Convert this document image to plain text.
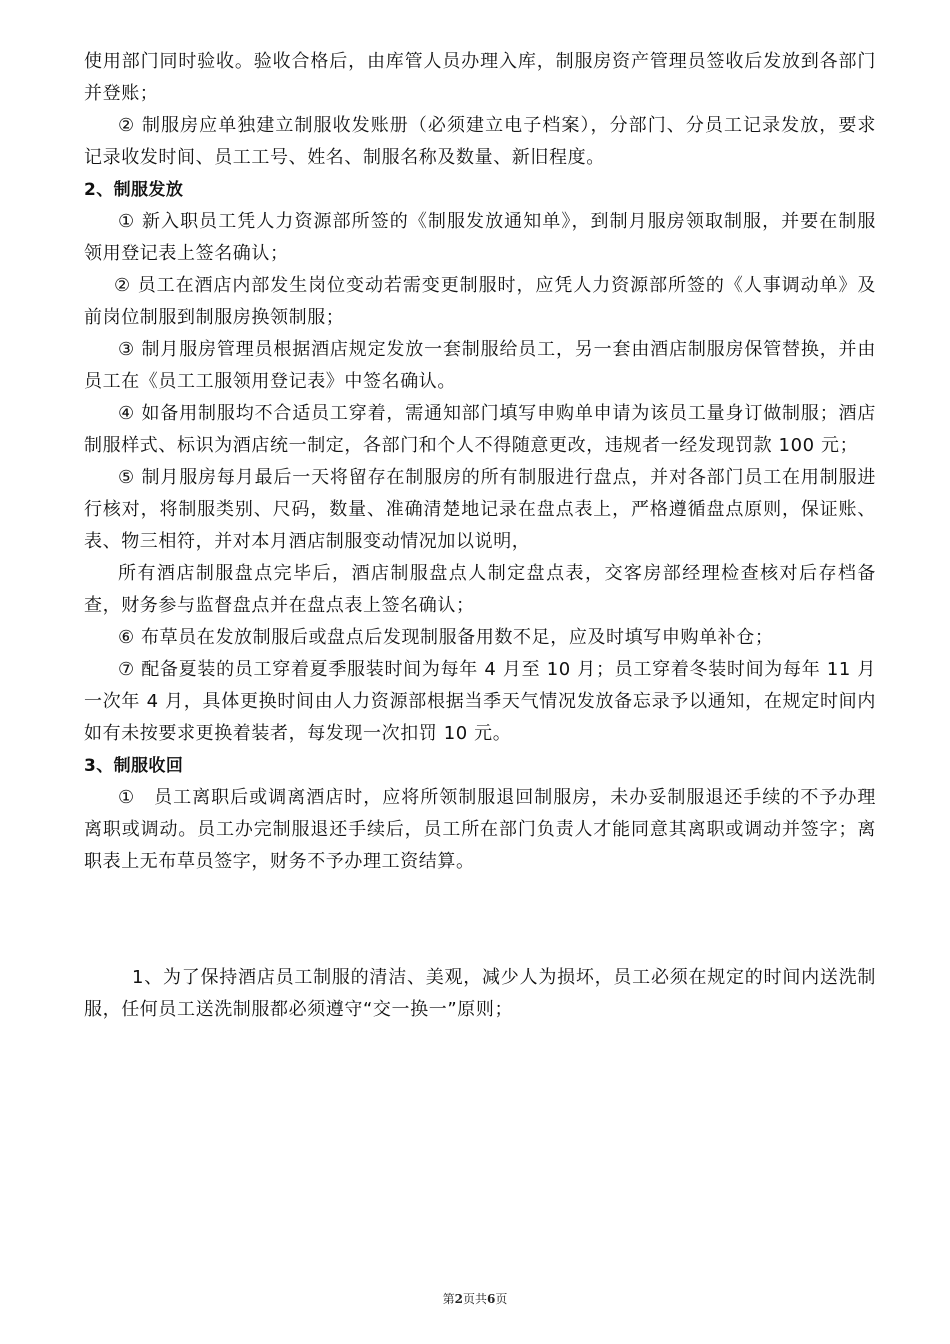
使用部门同时验收。验收合格后，由库管人员办理入库，制服房资产管理员签收后发放到各部门并登账；

② 制服房应单独建立制服收发账册（必须建立电子档案），分部门、分员工记录发放，要求记录收发时间、员工工号、姓名、制服名称及数量、新旧程度。

2、制服发放

① 新入职员工凭人力资源部所签的《制服发放通知单》，到制月服房领取制服，并要在制服领用登记表上签名确认；

② 员工在酒店内部发生岗位变动若需变更制服时，应凭人力资源部所签的《人事调动单》及前岗位制服到制服房换领制服；

③ 制月服房管理员根据酒店规定发放一套制服给员工，另一套由酒店制服房保管替换，并由员工在《员工工服领用登记表》中签名确认。

④ 如备用制服均不合适员工穿着，需通知部门填写申购单申请为该员工量身订做制服；酒店制服样式、标识为酒店统一制定，各部门和个人不得随意更改，违规者一经发现罚款 100 元；

⑤ 制月服房每月最后一天将留存在制服房的所有制服进行盘点，并对各部门员工在用制服进行核对，将制服类别、尺码，数量、准确清楚地记录在盘点表上，严格遵循盘点原则，保证账、表、物三相符，并对本月酒店制服变动情况加以说明，

所有酒店制服盘点完毕后，酒店制服盘点人制定盘点表，交客房部经理检查核对后存档备查，财务参与监督盘点并在盘点表上签名确认；

⑥ 布草员在发放制服后或盘点后发现制服备用数不足，应及时填写申购单补仓；

⑦ 配备夏装的员工穿着夏季服装时间为每年 4 月至 10 月；员工穿着冬装时间为每年 11 月一次年 4 月，具体更换时间由人力资源部根据当季天气情况发放备忘录予以通知，在规定时间内如有未按要求更换着装者，每发现一次扣罚 10 元。

3、制服收回

①　员工离职后或调离酒店时，应将所领制服退回制服房，未办妥制服退还手续的不予办理离职或调动。员工办完制服退还手续后，员工所在部门负责人才能同意其离职或调动并签字；离职表上无布草员签字，财务不予办理工资结算。

1、为了保持酒店员工制服的清洁、美观，减少人为损坏，员工必须在规定的时间内送洗制服，任何员工送洗制服都必须遵守“交一换一”原则；

第2页共6页
